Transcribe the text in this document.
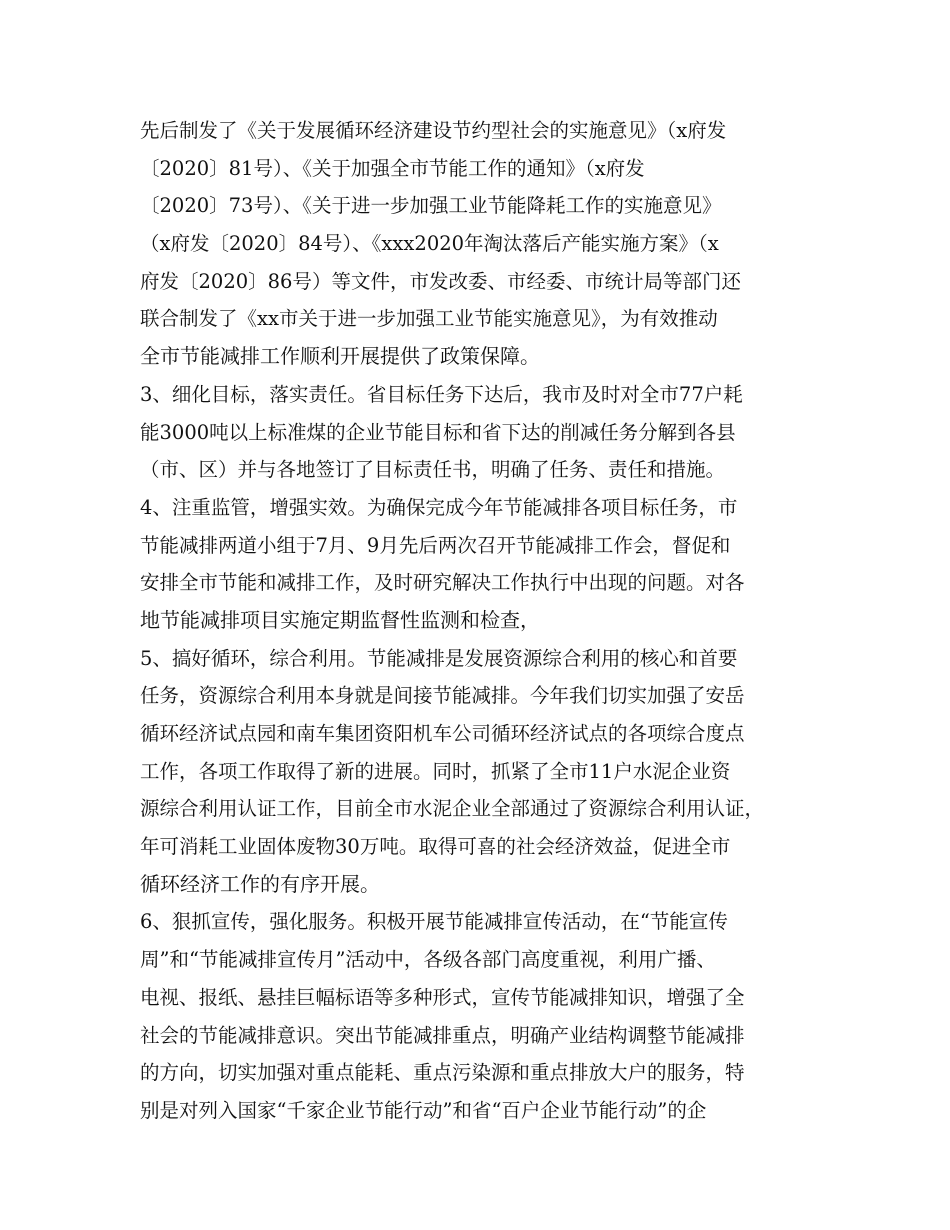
先后制发了《关于发展循环经济建设节约型社会的实施意见》（x府发
〔2020〕81号）、《关于加强全市节能工作的通知》（x府发
〔2020〕73号）、《关于进一步加强工业节能降耗工作的实施意见》
（x府发〔2020〕84号）、《xxx2020年淘汰落后产能实施方案》（x
府发〔2020〕86号）等文件，市发改委、市经委、市统计局等部门还
联合制发了《xx市关于进一步加强工业节能实施意见》，为有效推动
全市节能减排工作顺利开展提供了政策保障。
3、细化目标，落实责任。省目标任务下达后，我市及时对全市77户耗
能3000吨以上标准煤的企业节能目标和省下达的削减任务分解到各县
（市、区）并与各地签订了目标责任书，明确了任务、责任和措施。
4、注重监管，增强实效。为确保完成今年节能减排各项目标任务，市
节能减排两道小组于7月、9月先后两次召开节能减排工作会，督促和
安排全市节能和减排工作，及时研究解决工作执行中出现的问题。对各
地节能减排项目实施定期监督性监测和检查，
5、搞好循环，综合利用。节能减排是发展资源综合利用的核心和首要
任务，资源综合利用本身就是间接节能减排。今年我们切实加强了安岳
循环经济试点园和南车集团资阳机车公司循环经济试点的各项综合度点
工作，各项工作取得了新的进展。同时，抓紧了全市11户水泥企业资
源综合利用认证工作，目前全市水泥企业全部通过了资源综合利用认证，
年可消耗工业固体废物30万吨。取得可喜的社会经济效益，促进全市
循环经济工作的有序开展。
6、狠抓宣传，强化服务。积极开展节能减排宣传活动，在“节能宣传
周”和“节能减排宣传月”活动中，各级各部门高度重视，利用广播、
电视、报纸、悬挂巨幅标语等多种形式，宣传节能减排知识，增强了全
社会的节能减排意识。突出节能减排重点，明确产业结构调整节能减排
的方向，切实加强对重点能耗、重点污染源和重点排放大户的服务，特
别是对列入国家“千家企业节能行动”和省“百户企业节能行动”的企
